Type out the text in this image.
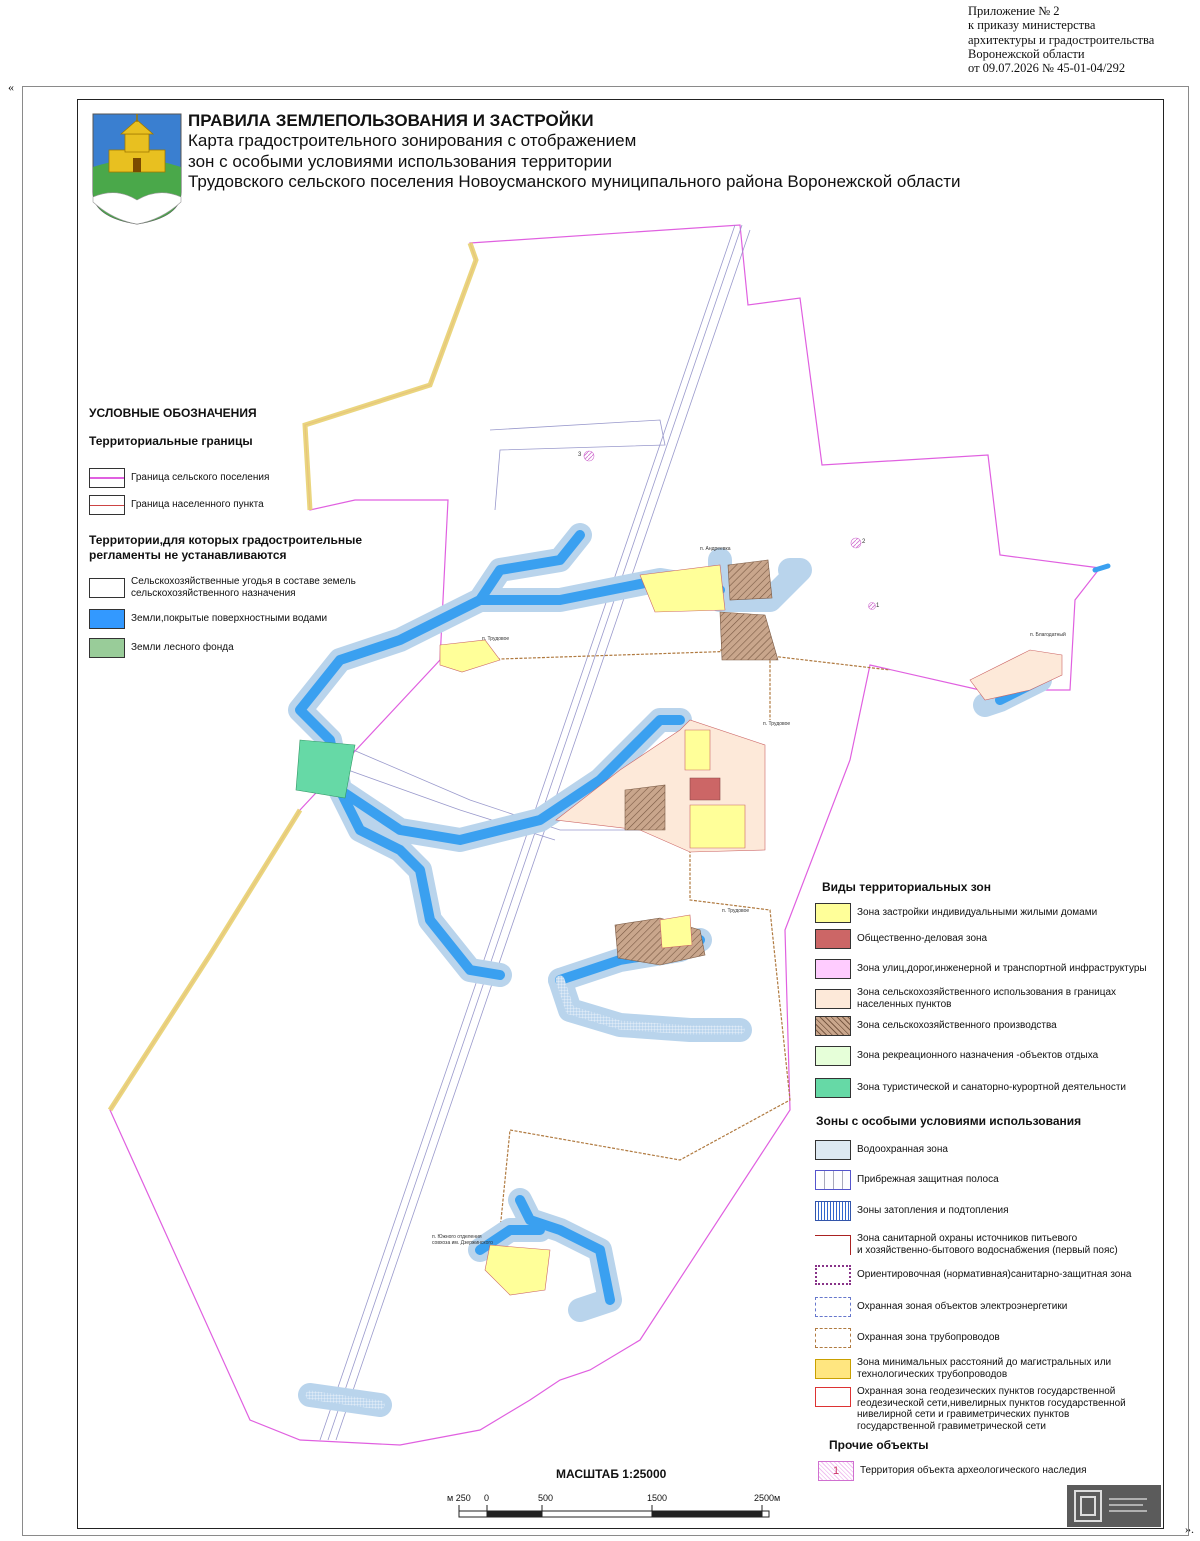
Приложение № 2
к приказу министерства
архитектуры и градостроительства
Воронежской области
от 09.07.2026 № 45-01-04/292
«
».
п. Андреевка
п. Трудовое
п. Трудовое
п. Трудовое
п. Благодатный
п. Южного отделения
совхоза им. Дзержинского
3
2
1
ПРАВИЛА ЗЕМЛЕПОЛЬЗОВАНИЯ И ЗАСТРОЙКИ
Карта градостроительного зонирования с отображением
зон с особыми условиями использования территории
Трудовского сельского поселения Новоусманского муниципального района Воронежской области
УСЛОВНЫЕ ОБОЗНАЧЕНИЯ
Территориальные границы
Граница сельского поселения
Граница населенного пункта
Территории,для которых градостроительные
регламенты не устанавливаются
Сельскохозяйственные угодья в составе земель
сельскохозяйственного назначения
Земли,покрытые поверхностными водами
Земли лесного фонда
Виды территориальных зон
Зона застройки индивидуальными жилыми домами
Общественно-деловая зона
Зона улиц,дорог,инженерной и транспортной инфраструктуры
Зона сельскохозяйственного использования в границах
населенных пунктов
Зона сельскохозяйственного производства
Зона рекреационного назначения -объектов отдыха
Зона туристической и санаторно-курортной деятельности
Зоны с особыми условиями использования
Водоохранная зона
Прибрежная защитная полоса
Зоны затопления и подтопления
Зона санитарной охраны источников питьевого
и хозяйственно-бытового водоснабжения (первый пояс)
Ориентировочная (нормативная)санитарно-защитная зона
Охранная зоная объектов электроэнергетики
Охранная зона трубопроводов
Зона минимальных расстояний до магистральных или
технологических трубопроводов
Охранная зона геодезических пунктов государственной
геодезической сети,нивелирных пунктов государственной
нивелирной сети и гравиметрических пунктов
государственной гравиметрической сети
Прочие объекты
1 Территория объекта археологического наследия
МАСШТАБ 1:25000
м 250 0	500	1500	2500м
